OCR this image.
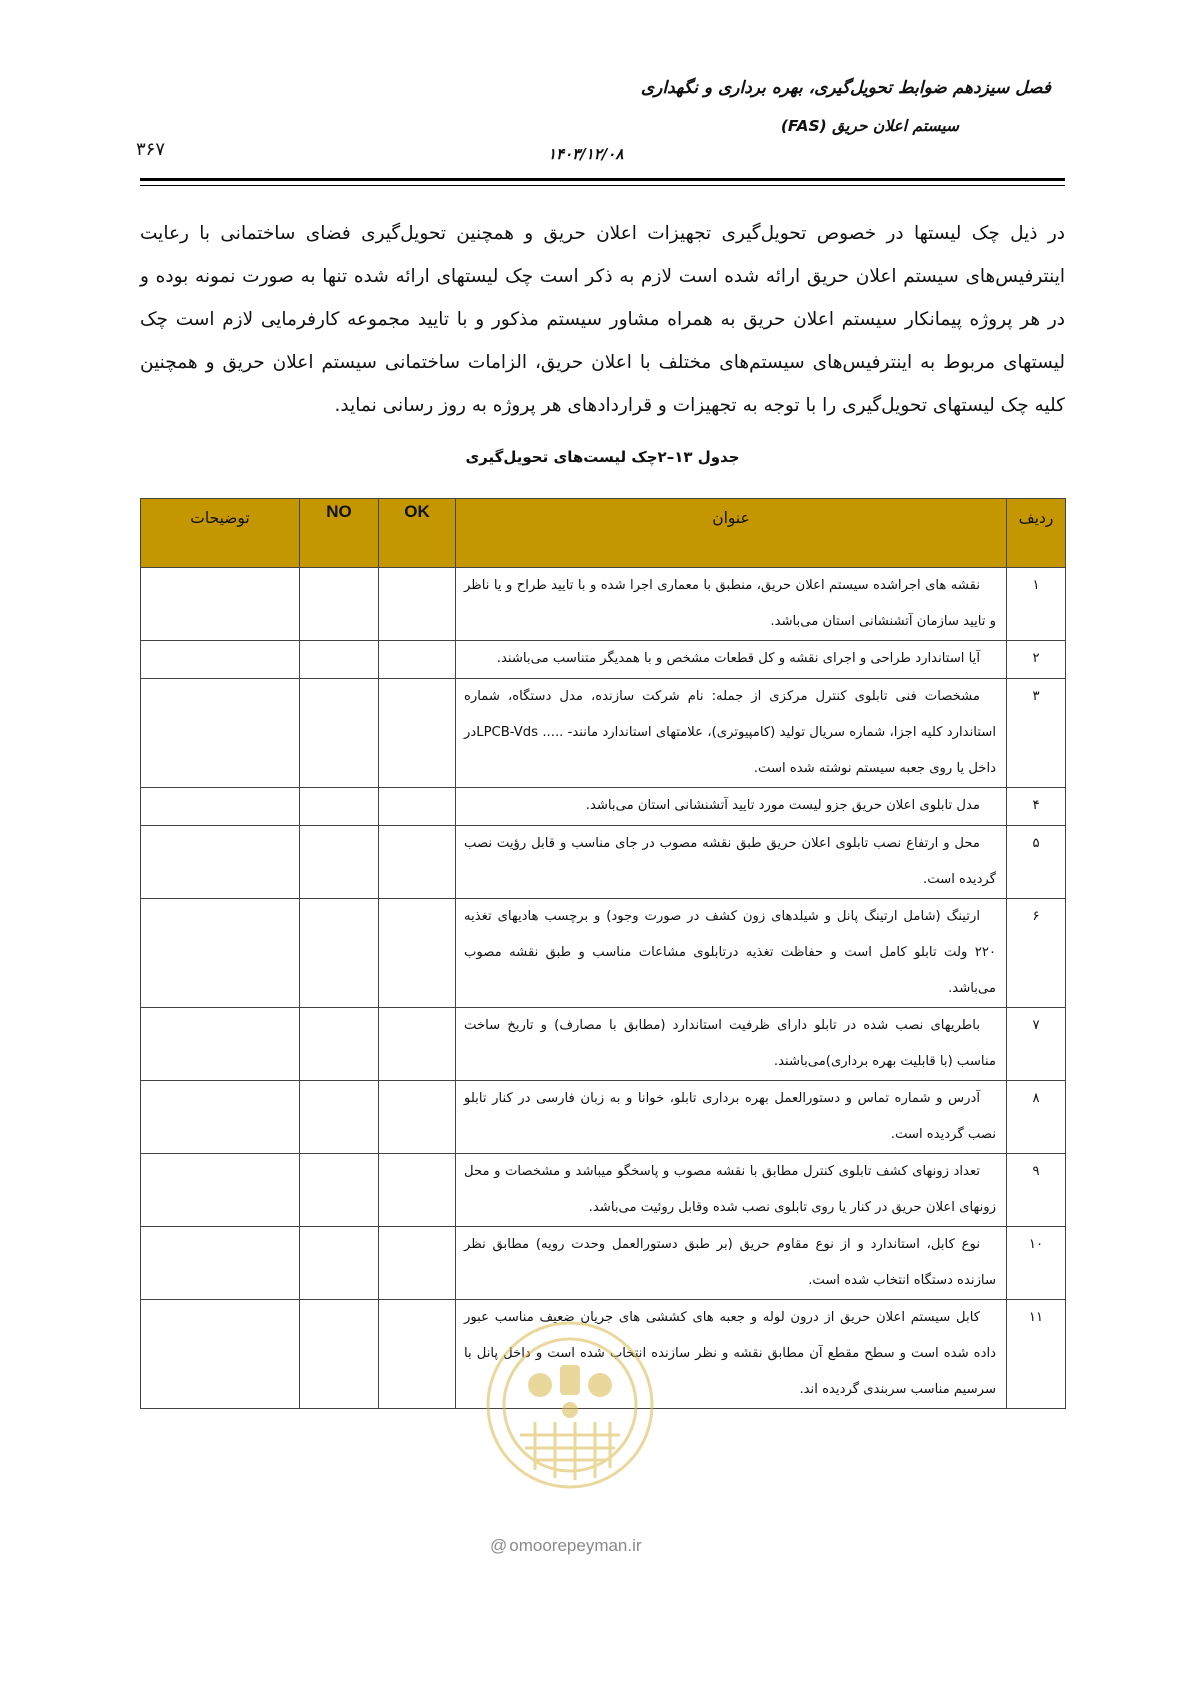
فصل سیزدهم ضوابط تحویل‌گیری، بهره برداری و نگهداری
سیستم اعلان حریق (FAS)
۱۴۰۳/۱۲/۰۸
۳۶۷

در ذیل چک لیستها در خصوص تحویل‌گیری تجهیزات اعلان حریق و همچنین تحویل‌گیری فضای ساختمانی با رعایت اینترفیس‌های سیستم اعلان حریق ارائه شده است لازم به ذکر است چک لیستهای ارائه شده تنها به صورت نمونه بوده و در هر پروژه پیمانکار سیستم اعلان حریق به همراه مشاور سیستم مذکور و با تایید مجموعه کارفرمایی لازم است چک لیستهای مربوط به اینترفیس‌های سیستم‌های مختلف با اعلان حریق، الزامات ساختمانی سیستم اعلان حریق و همچنین کلیه چک لیستهای تحویل‌گیری را با توجه به تجهیزات و قراردادهای هر پروژه به روز رسانی نماید.

جدول ۱۳–۲چک لیست‌های تحویل‌گیری
ردیف	عنوان	OK	NO	توضیحات
۱	نقشه های اجراشده سیستم اعلان حریق، منطبق با معماری اجرا شده و با تایید طراح و یا ناظر و تایید سازمان آتشنشانی استان می‌باشد.			
۲	آیا استاندارد طراحی و اجرای نقشه و کل قطعات مشخص و با همدیگر متناسب می‌باشند.			
۳	مشخصات فنی تابلوی کنترل مرکزی از جمله: نام شرکت سازنده، مدل دستگاه، شماره استاندارد کلیه اجزا، شماره سریال تولید (کامپیوتری)، علامتهای استاندارد مانند- ..... LPCB-Vdsدر داخل یا روی جعبه سیستم نوشته شده است.			
۴	مدل تابلوی اعلان حریق جزو لیست مورد تایید آتشنشانی استان می‌باشد.			
۵	محل و ارتفاع نصب تابلوی اعلان حریق طبق نقشه مصوب در جای مناسب و قابل رؤیت نصب گردیده است.			
۶	ارتینگ (شامل ارتینگ پانل و شیلدهای زون کشف در صورت وجود) و برچسب هادیهای تغذیه ۲۲۰ ولت تابلو کامل است و حفاظت تغذیه درتابلوی مشاعات مناسب و طبق نقشه مصوب می‌باشد.			
۷	باطریهای نصب شده در تابلو دارای ظرفیت استاندارد (مطابق با مصارف) و تاریخ ساخت مناسب (با قابلیت بهره برداری)می‌باشند.			
۸	آدرس و شماره تماس و دستورالعمل بهره برداری تابلو، خوانا و به زبان فارسی در کنار تابلو نصب گردیده است.			
۹	تعداد زونهای کشف تابلوی کنترل مطابق با نقشه مصوب و پاسخگو میباشد و مشخصات و محل زونهای اعلان حریق در کنار یا روی تابلوی نصب شده وقابل روئیت می‌باشد.			
۱۰	نوع کابل، استاندارد و از نوع مقاوم حریق (بر طبق دستورالعمل وحدت رویه) مطابق نظر سازنده دستگاه انتخاب شده است.			
۱۱	کابل سیستم اعلان حریق از درون لوله و جعبه های کششی های جریان ضعیف مناسب عبور داده شده است و سطح مقطع آن مطابق نقشه و نظر سازنده انتخاب شده است و داخل پانل با سرسیم مناسب سربندی گردیده اند.			
@ omoorepeyman.ir
